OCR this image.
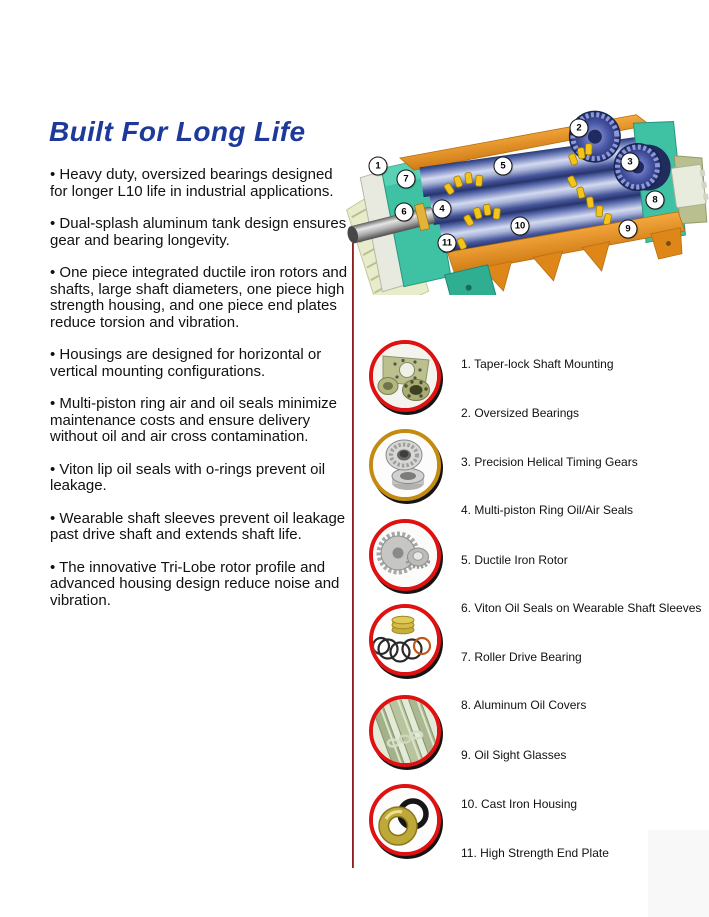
Built For Long Life

• Heavy duty, oversized bearings designed for longer L10 life in industrial applications.

• Dual-splash aluminum tank design ensures gear and bearing longevity.

• One piece integrated ductile iron rotors and shafts, large shaft diameters, one piece high strength housing, and one piece end plates reduce torsion and vibration.

• Housings are designed for horizontal or vertical mounting configurations.

• Multi-piston ring air and oil seals minimize maintenance costs and ensure delivery without oil and air cross contamination.

• Viton lip oil seals with o-rings prevent oil leakage.

• Wearable shaft sleeves prevent oil leakage past drive shaft and extends shaft life.

• The innovative Tri-Lobe rotor profile and advanced housing design reduce noise and vibration.

1
2
3
4
5
6
7
8
9
10
11
1. Taper-lock Shaft Mounting
2. Oversized Bearings
3. Precision Helical Timing Gears
4. Multi-piston Ring Oil/Air Seals
5. Ductile Iron Rotor
6. Viton Oil Seals on Wearable Shaft Sleeves
7. Roller Drive Bearing
8. Aluminum Oil Covers
9. Oil Sight Glasses
10. Cast Iron Housing
11. High Strength End Plate
